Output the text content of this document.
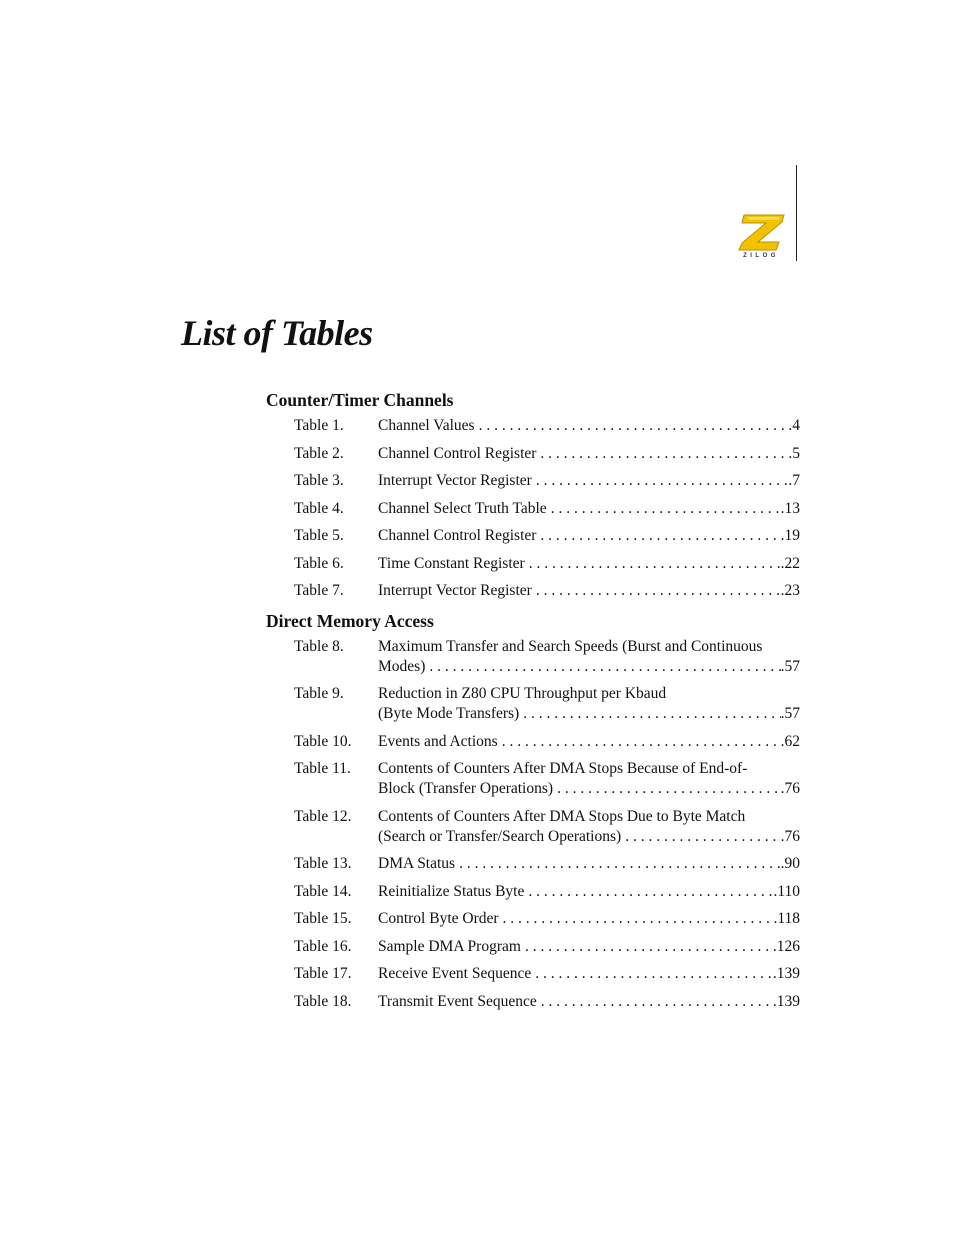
ZILOG
List of Tables
Counter/Timer Channels
Table 1.	Channel Values . . .	.4
Table 2.	Channel Control Register . . .	.5
Table 3.	Interrupt Vector Register . . .	.7
Table 4.	Channel Select Truth Table . . .	.13
Table 5.	Channel Control Register . . .	.19
Table 6.	Time Constant Register . . .	.22
Table 7.	Interrupt Vector Register . . .	.23
Direct Memory Access
Table 8.	Maximum Transfer and Search Speeds (Burst and Continuous
Modes) . . .	.57
Table 9.	Reduction in Z80 CPU Throughput per Kbaud
(Byte Mode Transfers) . . .	.57
Table 10.	Events and Actions . . .	.62
Table 11.	Contents of Counters After DMA Stops Because of End-of-
Block (Transfer Operations) . . .	.76
Table 12.	Contents of Counters After DMA Stops Due to Byte Match
(Search or Transfer/Search Operations) . . .	.76
Table 13.	DMA Status . . .	.90
Table 14.	Reinitialize Status Byte . . .	.110
Table 15.	Control Byte Order . . .	.118
Table 16.	Sample DMA Program . . .	.126
Table 17.	Receive Event Sequence . . .	.139
Table 18.	Transmit Event Sequence . . .	.139
